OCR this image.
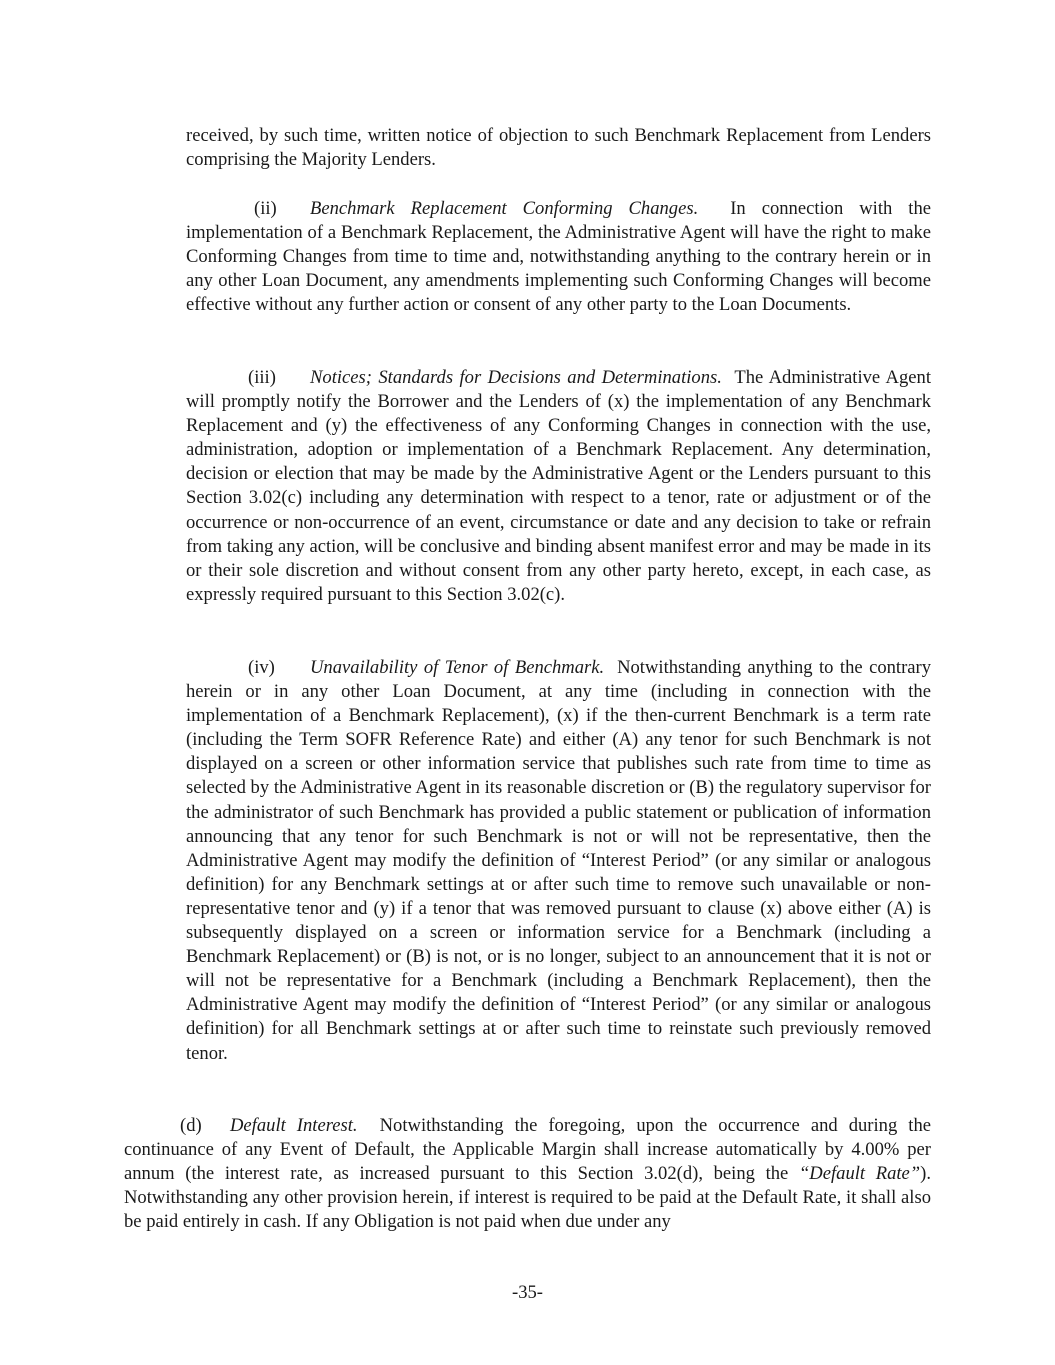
received, by such time, written notice of objection to such Benchmark Replacement from Lenders comprising the Majority Lenders.

(ii) Benchmark Replacement Conforming Changes. In connection with the implementation of a Benchmark Replacement, the Administrative Agent will have the right to make Conforming Changes from time to time and, notwithstanding anything to the contrary herein or in any other Loan Document, any amendments implementing such Conforming Changes will become effective without any further action or consent of any other party to the Loan Documents.

(iii) Notices; Standards for Decisions and Determinations. The Administrative Agent will promptly notify the Borrower and the Lenders of (x) the implementation of any Benchmark Replacement and (y) the effectiveness of any Conforming Changes in connection with the use, administration, adoption or implementation of a Benchmark Replacement. Any determination, decision or election that may be made by the Administrative Agent or the Lenders pursuant to this Section 3.02(c) including any determination with respect to a tenor, rate or adjustment or of the occurrence or non-occurrence of an event, circumstance or date and any decision to take or refrain from taking any action, will be conclusive and binding absent manifest error and may be made in its or their sole discretion and without consent from any other party hereto, except, in each case, as expressly required pursuant to this Section 3.02(c).

(iv) Unavailability of Tenor of Benchmark. Notwithstanding anything to the contrary herein or in any other Loan Document, at any time (including in connection with the implementation of a Benchmark Replacement), (x) if the then-current Benchmark is a term rate (including the Term SOFR Reference Rate) and either (A) any tenor for such Benchmark is not displayed on a screen or other information service that publishes such rate from time to time as selected by the Administrative Agent in its reasonable discretion or (B) the regulatory supervisor for the administrator of such Benchmark has provided a public statement or publication of information announcing that any tenor for such Benchmark is not or will not be representative, then the Administrative Agent may modify the definition of “Interest Period” (or any similar or analogous definition) for any Benchmark settings at or after such time to remove such unavailable or non-representative tenor and (y) if a tenor that was removed pursuant to clause (x) above either (A) is subsequently displayed on a screen or information service for a Benchmark (including a Benchmark Replacement) or (B) is not, or is no longer, subject to an announcement that it is not or will not be representative for a Benchmark (including a Benchmark Replacement), then the Administrative Agent may modify the definition of “Interest Period” (or any similar or analogous definition) for all Benchmark settings at or after such time to reinstate such previously removed tenor.

(d) Default Interest. Notwithstanding the foregoing, upon the occurrence and during the continuance of any Event of Default, the Applicable Margin shall increase automatically by 4.00% per annum (the interest rate, as increased pursuant to this Section 3.02(d), being the “Default Rate”). Notwithstanding any other provision herein, if interest is required to be paid at the Default Rate, it shall also be paid entirely in cash. If any Obligation is not paid when due under any

-35-
